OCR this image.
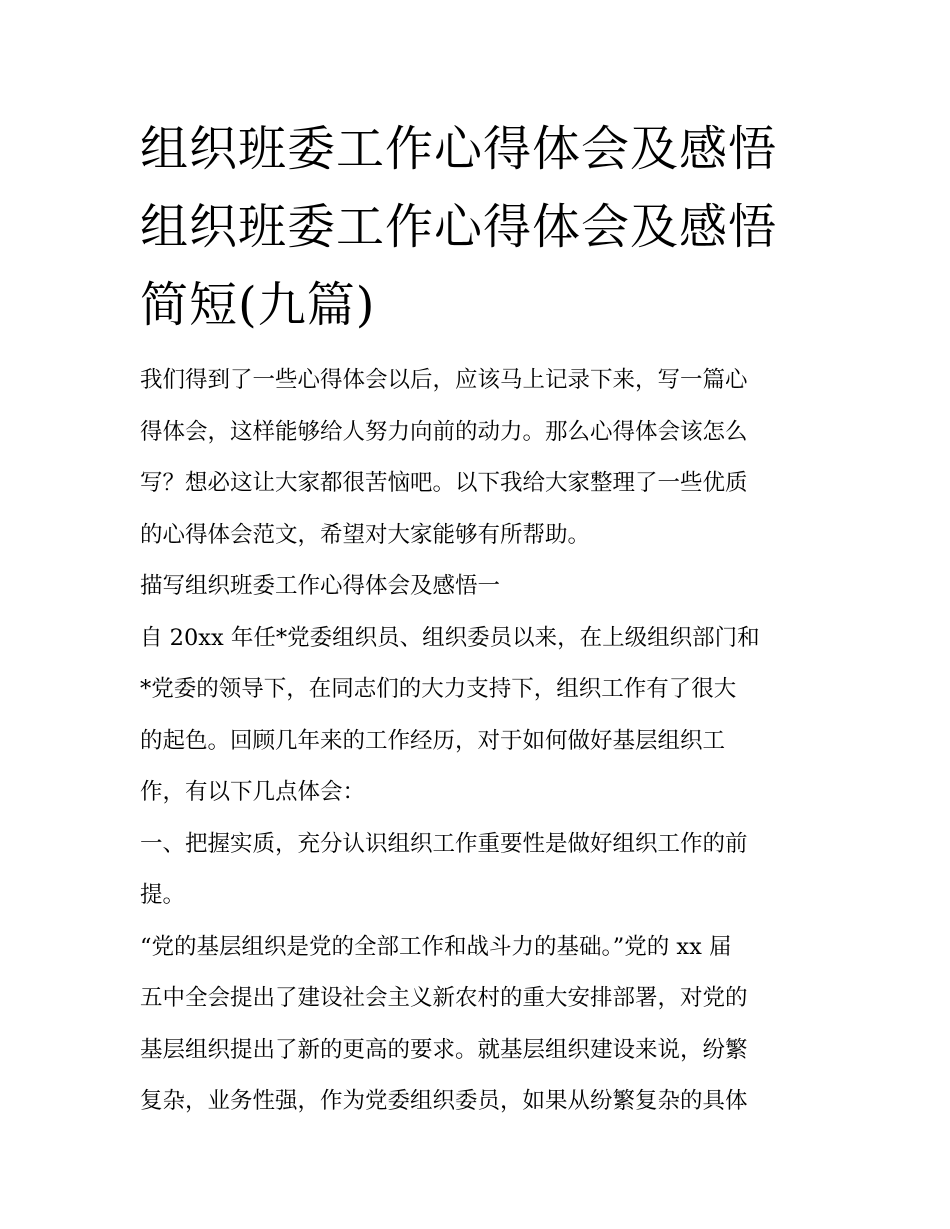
组织班委工作心得体会及感悟
组织班委工作心得体会及感悟
简短(九篇)

我们得到了一些心得体会以后，应该马上记录下来，写一篇心
得体会，这样能够给人努力向前的动力。那么心得体会该怎么
写？想必这让大家都很苦恼吧。以下我给大家整理了一些优质
的心得体会范文，希望对大家能够有所帮助。

描写组织班委工作心得体会及感悟一

自 20xx 年任*党委组织员、组织委员以来，在上级组织部门和
*党委的领导下，在同志们的大力支持下，组织工作有了很大
的起色。回顾几年来的工作经历，对于如何做好基层组织工
作，有以下几点体会：

一、把握实质，充分认识组织工作重要性是做好组织工作的前
提。

“党的基层组织是党的全部工作和战斗力的基础。”党的 xx 届
五中全会提出了建设社会主义新农村的重大安排部署，对党的
基层组织提出了新的更高的要求。就基层组织建设来说，纷繁
复杂，业务性强，作为党委组织委员，如果从纷繁复杂的具体
